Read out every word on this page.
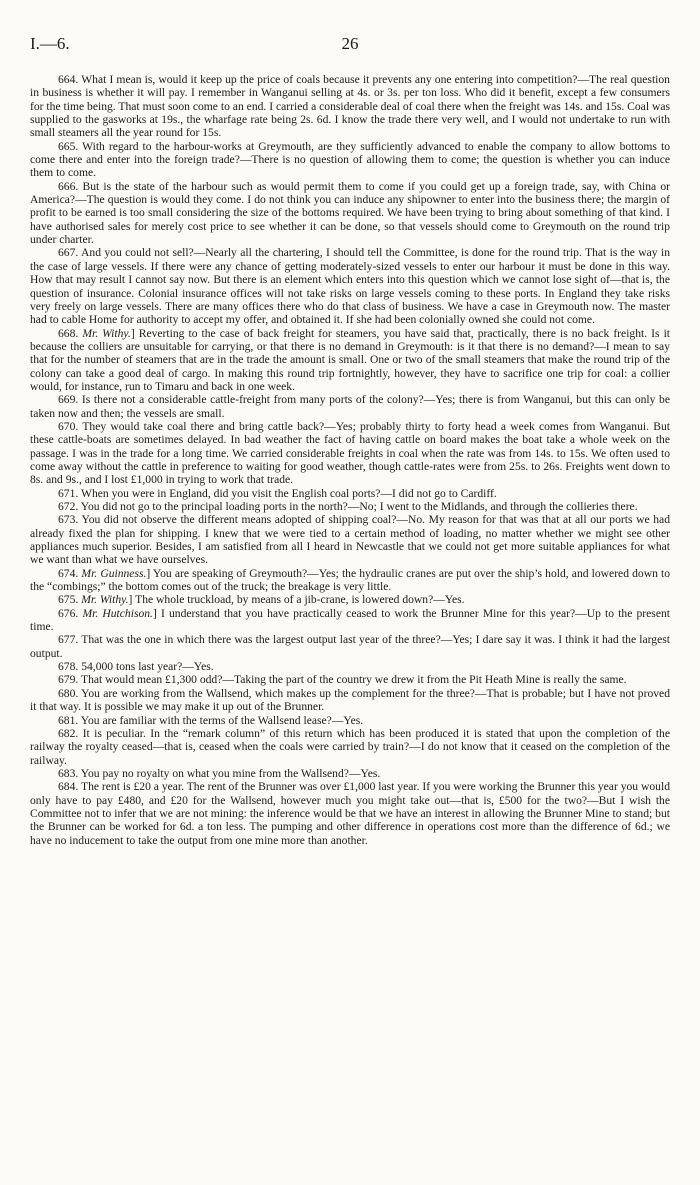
I.—6.	26

664. What I mean is, would it keep up the price of coals because it prevents any one entering into competition?—The real question in business is whether it will pay. I remember in Wanganui selling at 4s. or 3s. per ton loss. Who did it benefit, except a few consumers for the time being. That must soon come to an end. I carried a considerable deal of coal there when the freight was 14s. and 15s. Coal was supplied to the gasworks at 19s., the wharfage rate being 2s. 6d. I know the trade there very well, and I would not undertake to run with small steamers all the year round for 15s.

665. With regard to the harbour-works at Greymouth, are they sufficiently advanced to enable the company to allow bottoms to come there and enter into the foreign trade?—There is no question of allowing them to come; the question is whether you can induce them to come.

666. But is the state of the harbour such as would permit them to come if you could get up a foreign trade, say, with China or America?—The question is would they come. I do not think you can induce any shipowner to enter into the business there; the margin of profit to be earned is too small considering the size of the bottoms required. We have been trying to bring about something of that kind. I have authorised sales for merely cost price to see whether it can be done, so that vessels should come to Greymouth on the round trip under charter.

667. And you could not sell?—Nearly all the chartering, I should tell the Committee, is done for the round trip. That is the way in the case of large vessels. If there were any chance of getting moderately-sized vessels to enter our harbour it must be done in this way. How that may result I cannot say now. But there is an element which enters into this question which we cannot lose sight of—that is, the question of insurance. Colonial insurance offices will not take risks on large vessels coming to these ports. In England they take risks very freely on large vessels. There are many offices there who do that class of business. We have a case in Greymouth now. The master had to cable Home for authority to accept my offer, and obtained it. If she had been colonially owned she could not come.

668. Mr. Withy.] Reverting to the case of back freight for steamers, you have said that, practically, there is no back freight. Is it because the colliers are unsuitable for carrying, or that there is no demand in Greymouth: is it that there is no demand?—I mean to say that for the number of steamers that are in the trade the amount is small. One or two of the small steamers that make the round trip of the colony can take a good deal of cargo. In making this round trip fortnightly, however, they have to sacrifice one trip for coal: a collier would, for instance, run to Timaru and back in one week.

669. Is there not a considerable cattle-freight from many ports of the colony?—Yes; there is from Wanganui, but this can only be taken now and then; the vessels are small.

670. They would take coal there and bring cattle back?—Yes; probably thirty to forty head a week comes from Wanganui. But these cattle-boats are sometimes delayed. In bad weather the fact of having cattle on board makes the boat take a whole week on the passage. I was in the trade for a long time. We carried considerable freights in coal when the rate was from 14s. to 15s. We often used to come away without the cattle in preference to waiting for good weather, though cattle-rates were from 25s. to 26s. Freights went down to 8s. and 9s., and I lost £1,000 in trying to work that trade.

671. When you were in England, did you visit the English coal ports?—I did not go to Cardiff.

672. You did not go to the principal loading ports in the north?—No; I went to the Midlands, and through the collieries there.

673. You did not observe the different means adopted of shipping coal?—No. My reason for that was that at all our ports we had already fixed the plan for shipping. I knew that we were tied to a certain method of loading, no matter whether we might see other appliances much superior. Besides, I am satisfied from all I heard in Newcastle that we could not get more suitable appliances for what we want than what we have ourselves.

674. Mr. Guinness.] You are speaking of Greymouth?—Yes; the hydraulic cranes are put over the ship’s hold, and lowered down to the “combings;” the bottom comes out of the truck; the breakage is very little.

675. Mr. Withy.] The whole truckload, by means of a jib-crane, is lowered down?—Yes.

676. Mr. Hutchison.] I understand that you have practically ceased to work the Brunner Mine for this year?—Up to the present time.

677. That was the one in which there was the largest output last year of the three?—Yes; I dare say it was. I think it had the largest output.

678. 54,000 tons last year?—Yes.

679. That would mean £1,300 odd?—Taking the part of the country we drew it from the Pit Heath Mine is really the same.

680. You are working from the Wallsend, which makes up the complement for the three?—That is probable; but I have not proved it that way. It is possible we may make it up out of the Brunner.

681. You are familiar with the terms of the Wallsend lease?—Yes.

682. It is peculiar. In the “remark column” of this return which has been produced it is stated that upon the completion of the railway the royalty ceased—that is, ceased when the coals were carried by train?—I do not know that it ceased on the completion of the railway.

683. You pay no royalty on what you mine from the Wallsend?—Yes.

684. The rent is £20 a year. The rent of the Brunner was over £1,000 last year. If you were working the Brunner this year you would only have to pay £480, and £20 for the Wallsend, however much you might take out—that is, £500 for the two?—But I wish the Committee not to infer that we are not mining: the inference would be that we have an interest in allowing the Brunner Mine to stand; but the Brunner can be worked for 6d. a ton less. The pumping and other difference in operations cost more than the difference of 6d.; we have no inducement to take the output from one mine more than another.
